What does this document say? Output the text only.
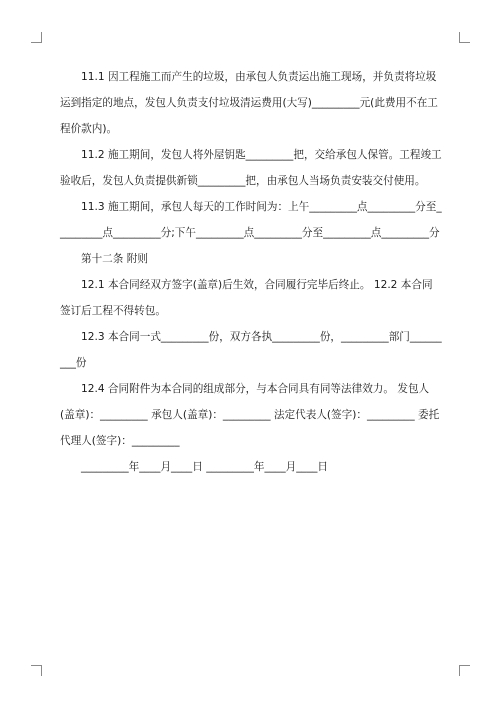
11.1 因工程施工而产生的垃圾，由承包人负责运出施工现场，并负责将垃圾运到指定的地点，发包人负责支付垃圾清运费用(大写)_________元(此费用不在工程价款内)。

11.2 施工期间，发包人将外屋钥匙_________把，交给承包人保管。工程竣工验收后，发包人负责提供新锁_________把，由承包人当场负责安装交付使用。

11.3 施工期间，承包人每天的工作时间为：上午_________点_________分至_________点_________分;下午_________点_________分至_________点_________分

第十二条 附则

12.1 本合同经双方签字(盖章)后生效，合同履行完毕后终止。 12.2 本合同签订后工程不得转包。

12.3 本合同一式_________份，双方各执_________份，_________部门_________份

12.4 合同附件为本合同的组成部分，与本合同具有同等法律效力。 发包人(盖章)：_________ 承包人(盖章)：_________ 法定代表人(签字)：_________ 委托代理人(签字)：_________

_________年____月____日 _________年____月____日
